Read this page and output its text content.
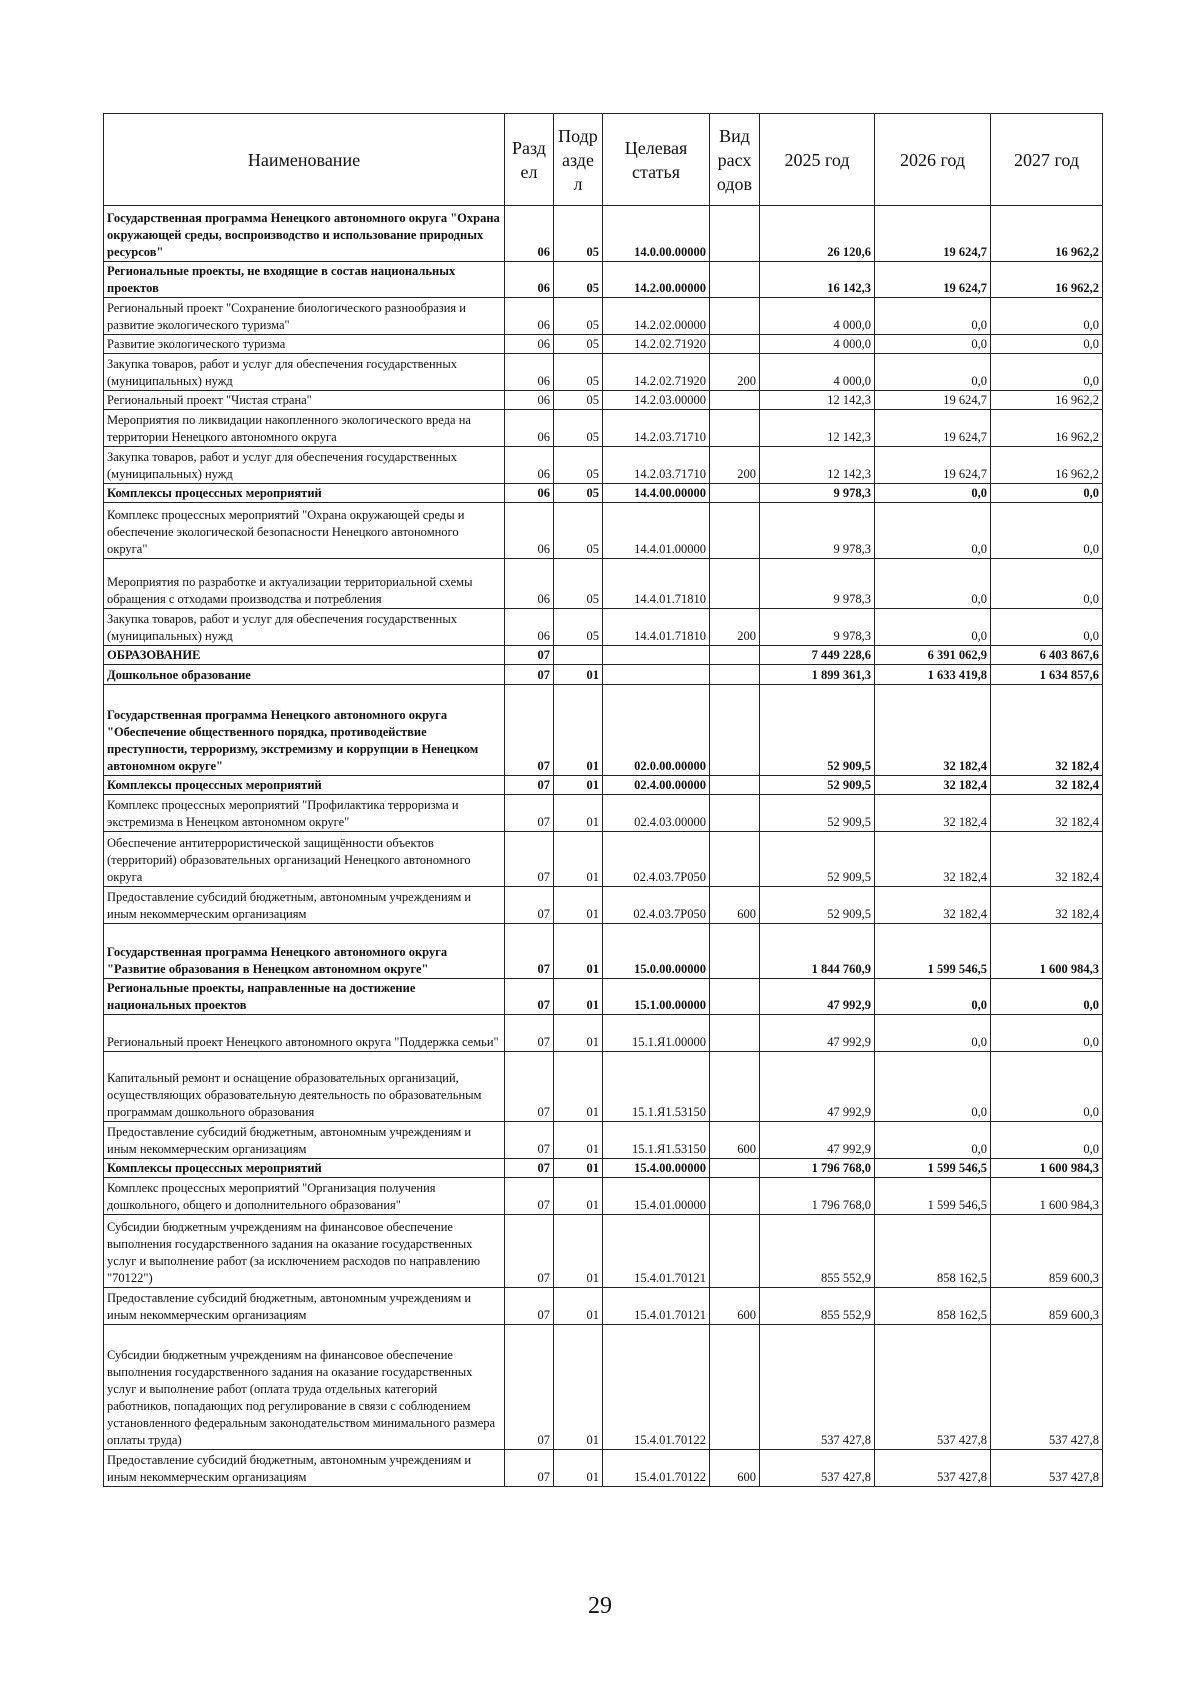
Наименование	Разд ел	Подр азде л	Целевая статья	Вид расх одов	2025 год	2026 год	2027 год
Государственная программа Ненецкого автономного округа "Охрана окружающей среды, воспроизводство и использование природных ресурсов"	06	05	14.0.00.00000		26 120,6	19 624,7	16 962,2
Региональные проекты, не входящие в состав национальных проектов	06	05	14.2.00.00000		16 142,3	19 624,7	16 962,2
Региональный проект "Сохранение биологического разнообразия и развитие экологического туризма"	06	05	14.2.02.00000		4 000,0	0,0	0,0
Развитие экологического туризма	06	05	14.2.02.71920		4 000,0	0,0	0,0
Закупка товаров, работ и услуг для обеспечения государственных (муниципальных) нужд	06	05	14.2.02.71920	200	4 000,0	0,0	0,0
Региональный проект "Чистая страна"	06	05	14.2.03.00000		12 142,3	19 624,7	16 962,2
Мероприятия по ликвидации накопленного экологического вреда на территории Ненецкого автономного округа	06	05	14.2.03.71710		12 142,3	19 624,7	16 962,2
Закупка товаров, работ и услуг для обеспечения государственных (муниципальных) нужд	06	05	14.2.03.71710	200	12 142,3	19 624,7	16 962,2
Комплексы процессных мероприятий	06	05	14.4.00.00000		9 978,3	0,0	0,0
Комплекс процессных мероприятий "Охрана окружающей среды и обеспечение экологической безопасности Ненецкого автономного округа"	06	05	14.4.01.00000		9 978,3	0,0	0,0
Мероприятия по разработке и актуализации территориальной схемы обращения с отходами производства и потребления	06	05	14.4.01.71810		9 978,3	0,0	0,0
Закупка товаров, работ и услуг для обеспечения государственных (муниципальных) нужд	06	05	14.4.01.71810	200	9 978,3	0,0	0,0
ОБРАЗОВАНИЕ	07				7 449 228,6	6 391 062,9	6 403 867,6
Дошкольное образование	07	01			1 899 361,3	1 633 419,8	1 634 857,6
Государственная программа Ненецкого автономного округа "Обеспечение общественного порядка, противодействие преступности, терроризму, экстремизму и коррупции в Ненецком автономном округе"	07	01	02.0.00.00000		52 909,5	32 182,4	32 182,4
Комплексы процессных мероприятий	07	01	02.4.00.00000		52 909,5	32 182,4	32 182,4
Комплекс процессных мероприятий "Профилактика терроризма и экстремизма в Ненецком автономном округе"	07	01	02.4.03.00000		52 909,5	32 182,4	32 182,4
Обеспечение антитеррористической защищённости объектов (территорий) образовательных организаций Ненецкого автономного округа	07	01	02.4.03.7Р050		52 909,5	32 182,4	32 182,4
Предоставление субсидий бюджетным, автономным учреждениям и иным некоммерческим организациям	07	01	02.4.03.7Р050	600	52 909,5	32 182,4	32 182,4
Государственная программа Ненецкого автономного округа "Развитие образования в Ненецком автономном округе"	07	01	15.0.00.00000		1 844 760,9	1 599 546,5	1 600 984,3
Региональные проекты, направленные на достижение национальных проектов	07	01	15.1.00.00000		47 992,9	0,0	0,0
Региональный проект Ненецкого автономного округа "Поддержка семьи"	07	01	15.1.Я1.00000		47 992,9	0,0	0,0
Капитальный ремонт и оснащение образовательных организаций, осуществляющих образовательную деятельность по образовательным программам дошкольного образования	07	01	15.1.Я1.53150		47 992,9	0,0	0,0
Предоставление субсидий бюджетным, автономным учреждениям и иным некоммерческим организациям	07	01	15.1.Я1.53150	600	47 992,9	0,0	0,0
Комплексы процессных мероприятий	07	01	15.4.00.00000		1 796 768,0	1 599 546,5	1 600 984,3
Комплекс процессных мероприятий "Организация получения дошкольного, общего и дополнительного образования"	07	01	15.4.01.00000		1 796 768,0	1 599 546,5	1 600 984,3
Субсидии бюджетным учреждениям на финансовое обеспечение выполнения государственного задания на оказание государственных услуг и выполнение работ (за исключением расходов по направлению "70122")	07	01	15.4.01.70121		855 552,9	858 162,5	859 600,3
Предоставление субсидий бюджетным, автономным учреждениям и иным некоммерческим организациям	07	01	15.4.01.70121	600	855 552,9	858 162,5	859 600,3
Субсидии бюджетным учреждениям на финансовое обеспечение выполнения государственного задания на оказание государственных услуг и выполнение работ (оплата труда отдельных категорий работников, попадающих под регулирование в связи с соблюдением установленного федеральным законодательством минимального размера оплаты труда)	07	01	15.4.01.70122		537 427,8	537 427,8	537 427,8
Предоставление субсидий бюджетным, автономным учреждениям и иным некоммерческим организациям	07	01	15.4.01.70122	600	537 427,8	537 427,8	537 427,8
29
